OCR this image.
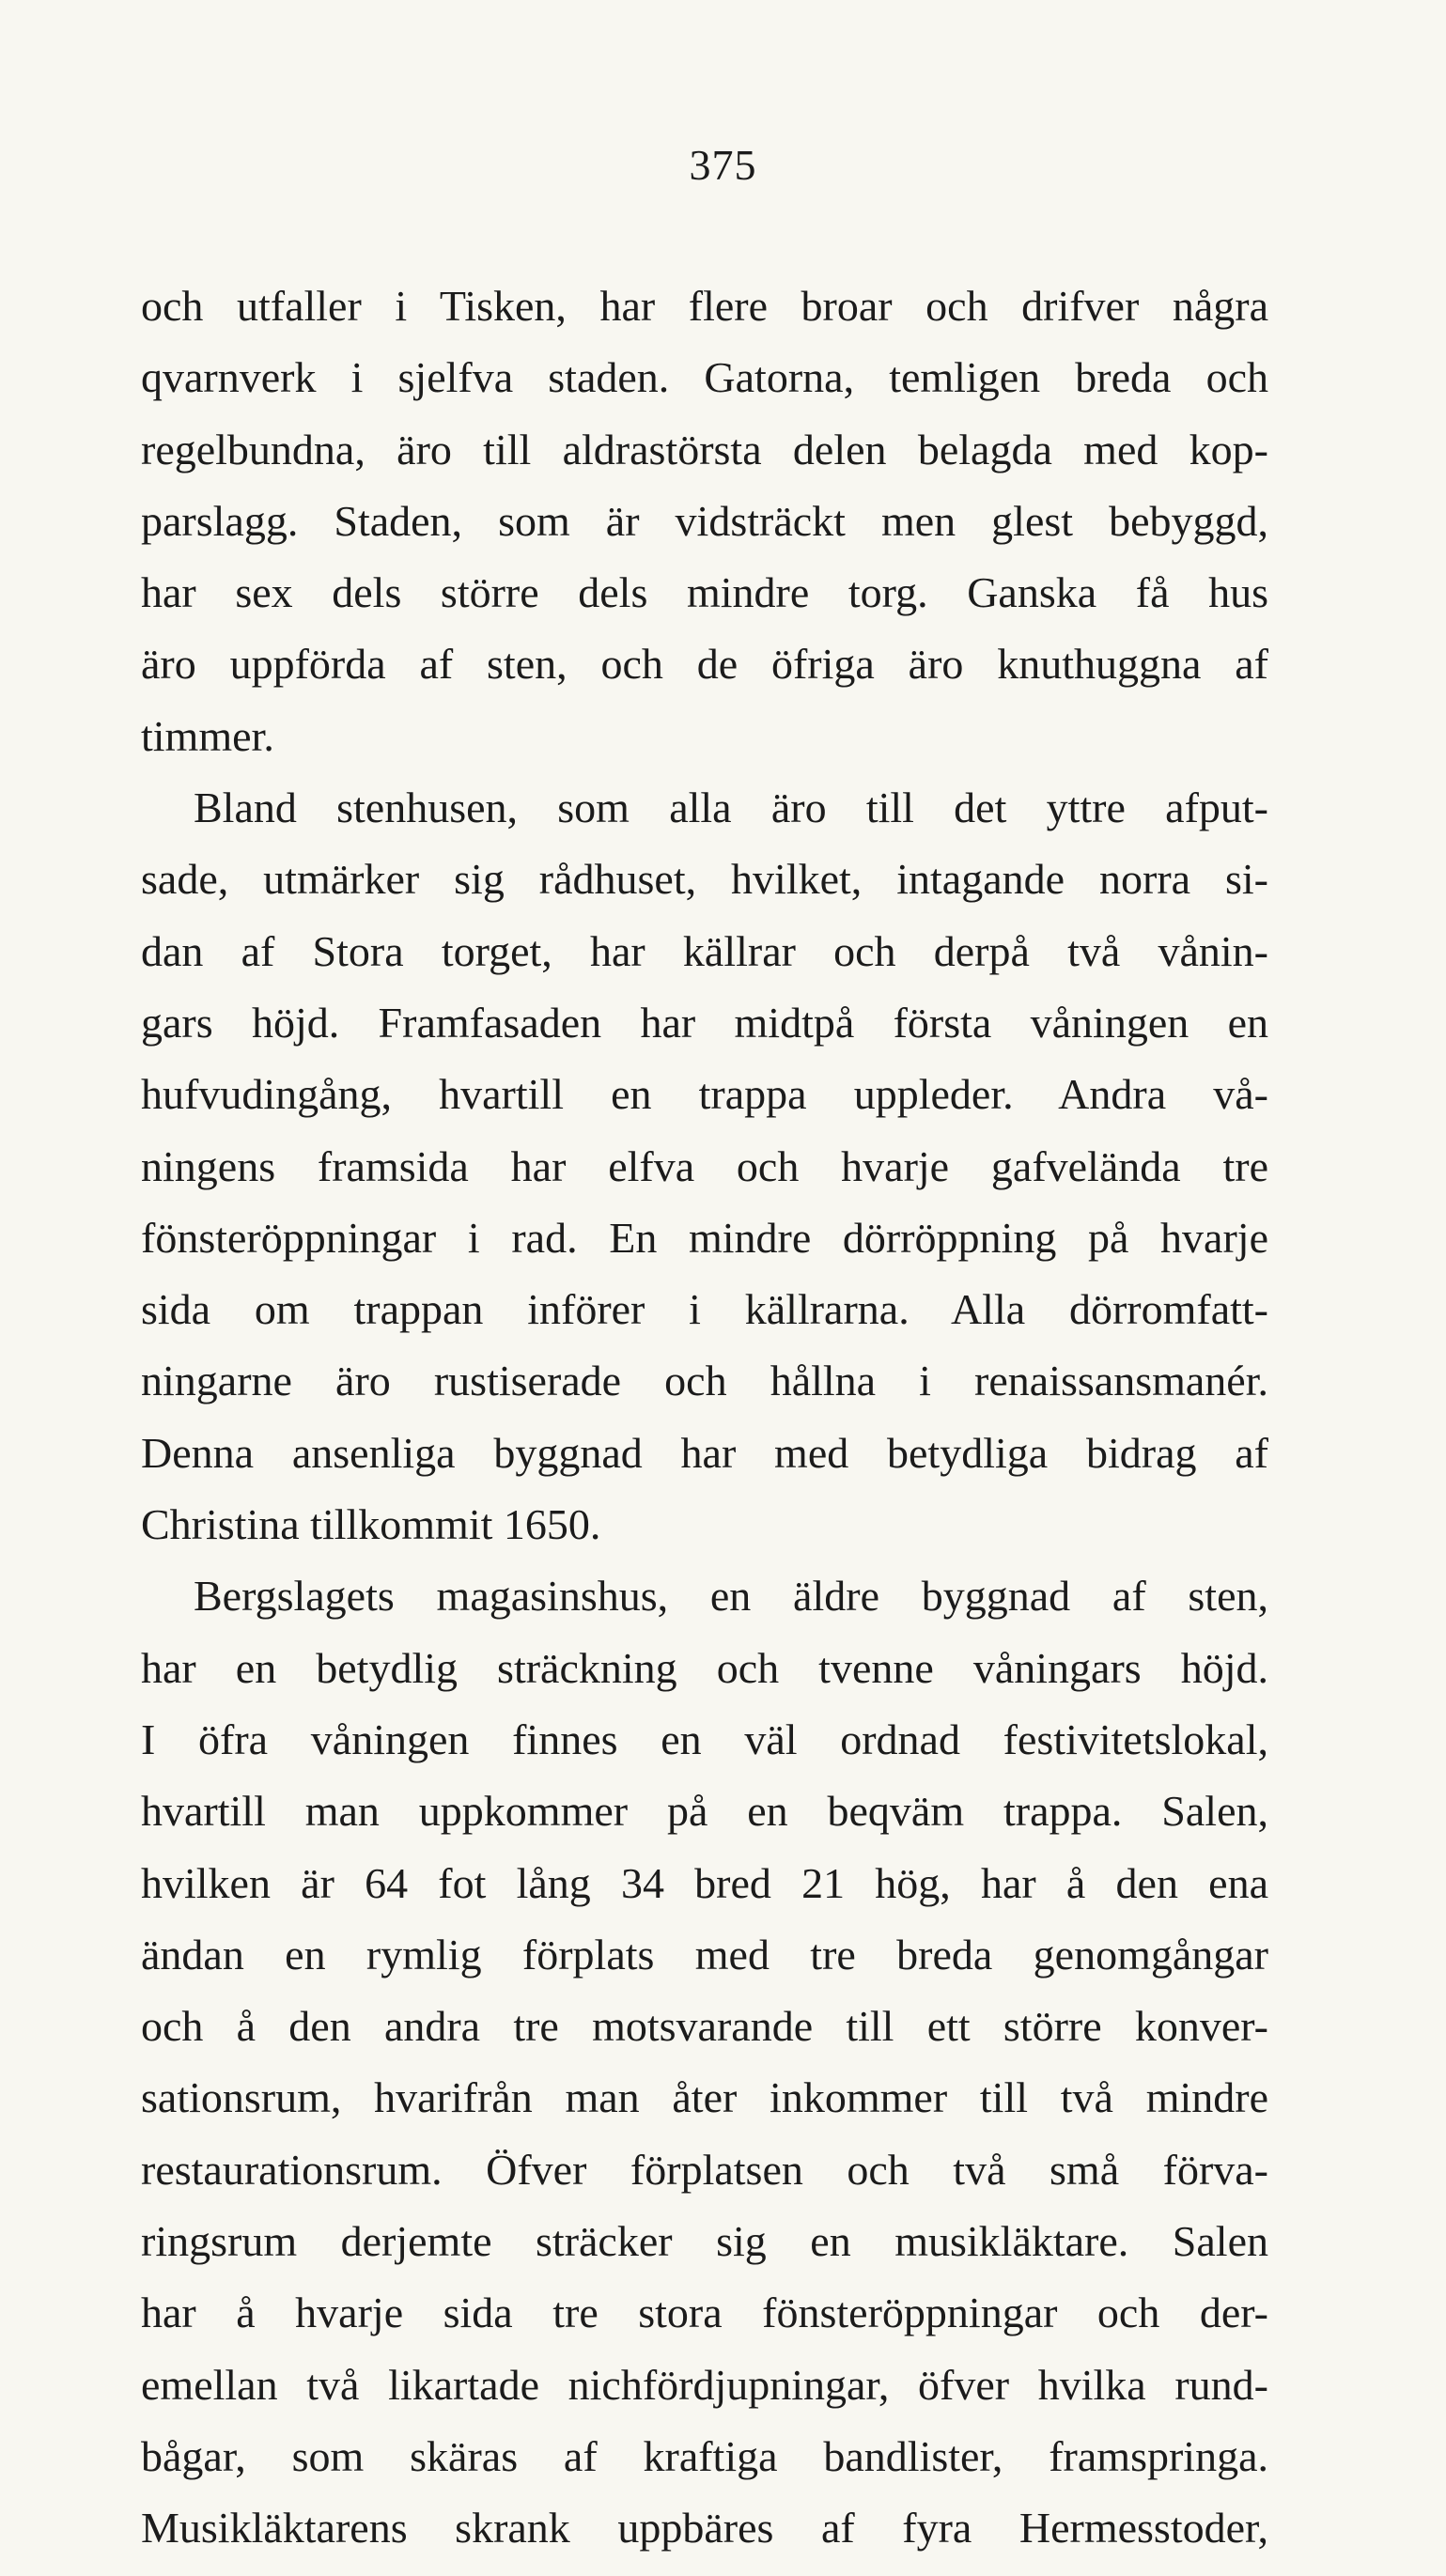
375
och utfaller i Tisken, har flere broar och drifver några
qvarnverk i sjelfva staden. Gatorna, temligen breda och
regelbundna, äro till aldrastörsta delen belagda med kop-
parslagg. Staden, som är vidsträckt men glest bebyggd,
har sex dels större dels mindre torg. Ganska få hus
äro uppförda af sten, och de öfriga äro knuthuggna af
timmer.
Bland stenhusen, som alla äro till det yttre afput-
sade, utmärker sig rådhuset, hvilket, intagande norra si-
dan af Stora torget, har källrar och derpå två vånin-
gars höjd. Framfasaden har midtpå första våningen en
hufvudingång, hvartill en trappa uppleder. Andra vå-
ningens framsida har elfva och hvarje gafvelända tre
fönsteröppningar i rad. En mindre dörröppning på hvarje
sida om trappan införer i källrarna. Alla dörromfatt-
ningarne äro rustiserade och hållna i renaissansmanér.
Denna ansenliga byggnad har med betydliga bidrag af
Christina tillkommit 1650.
Bergslagets magasinshus, en äldre byggnad af sten,
har en betydlig sträckning och tvenne våningars höjd.
I öfra våningen finnes en väl ordnad festivitetslokal,
hvartill man uppkommer på en beqväm trappa. Salen,
hvilken är 64 fot lång 34 bred 21 hög, har å den ena
ändan en rymlig förplats med tre breda genomgångar
och å den andra tre motsvarande till ett större konver-
sationsrum, hvarifrån man åter inkommer till två mindre
restaurationsrum. Öfver förplatsen och två små förva-
ringsrum derjemte sträcker sig en musikläktare. Salen
har å hvarje sida tre stora fönsteröppningar och der-
emellan två likartade nichfördjupningar, öfver hvilka rund-
bågar, som skäras af kraftiga bandlister, framspringa.
Musikläktarens skrank uppbäres af fyra Hermesstoder,
